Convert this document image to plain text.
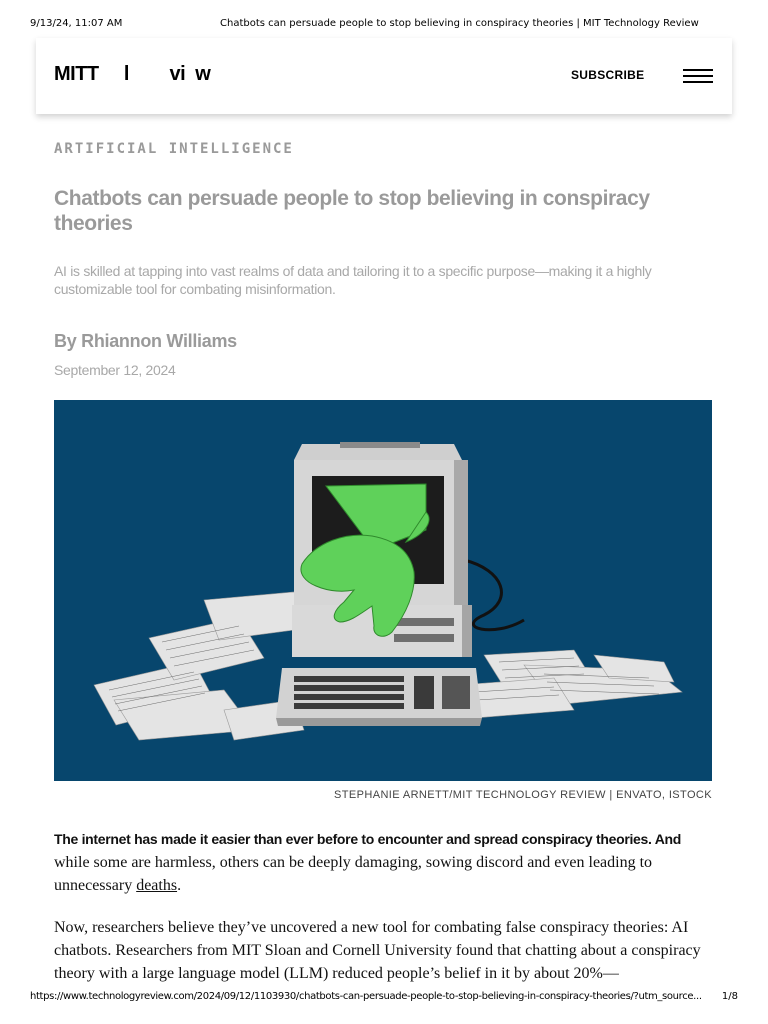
9/13/24, 11:07 AM	Chatbots can persuade people to stop believing in conspiracy theories | MIT Technology Review
MITT     l        vi  w	SUBSCRIBE
ARTIFICIAL INTELLIGENCE
Chatbots can persuade people to stop believing in conspiracy theories

AI is skilled at tapping into vast realms of data and tailoring it to a specific purpose—making it a highly customizable tool for combating misinformation.

By Rhiannon Williams
September 12, 2024
STEPHANIE ARNETT/MIT TECHNOLOGY REVIEW | ENVATO, ISTOCK

The internet has made it easier than ever before to encounter and spread conspiracy theories. And while some are harmless, others can be deeply damaging, sowing discord and even leading to unnecessary deaths.

Now, researchers believe they’ve uncovered a new tool for combating false conspiracy theories: AI chatbots. Researchers from MIT Sloan and Cornell University found that chatting about a conspiracy theory with a large language model (LLM) reduced people’s belief in it by about 20%—

https://www.technologyreview.com/2024/09/12/1103930/chatbots-can-persuade-people-to-stop-believing-in-conspiracy-theories/?utm_source...	1/8
